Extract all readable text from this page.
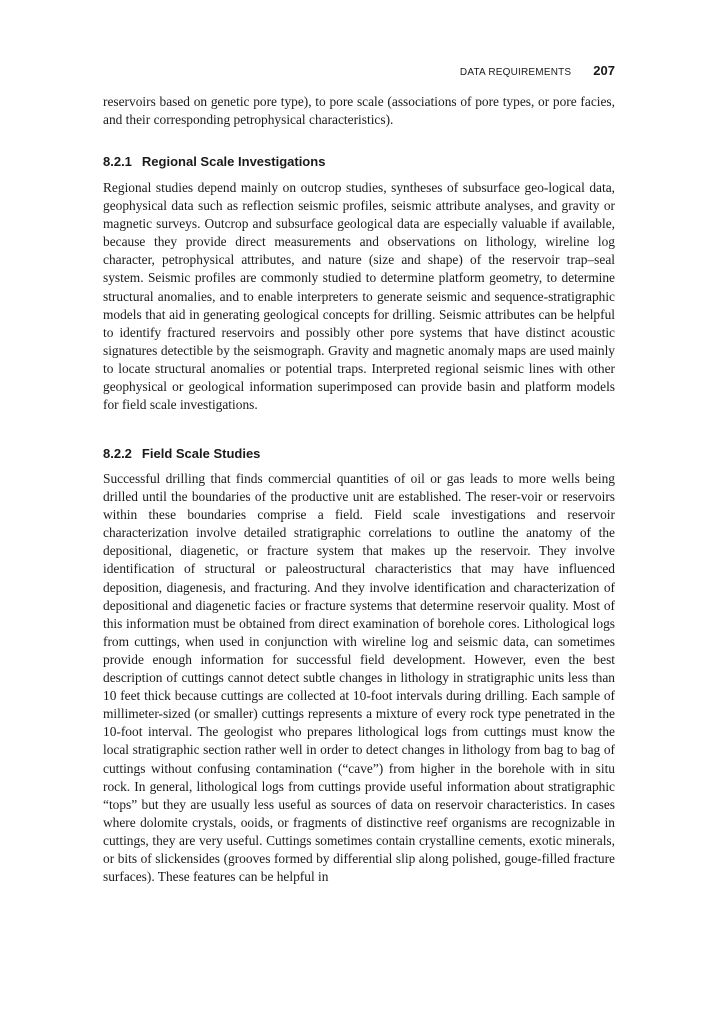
DATA REQUIREMENTS 207

reservoirs based on genetic pore type), to pore scale (associations of pore types, or pore facies, and their corresponding petrophysical characteristics).

8.2.1 Regional Scale Investigations

Regional studies depend mainly on outcrop studies, syntheses of subsurface geo-logical data, geophysical data such as reflection seismic profiles, seismic attribute analyses, and gravity or magnetic surveys. Outcrop and subsurface geological data are especially valuable if available, because they provide direct measurements and observations on lithology, wireline log character, petrophysical attributes, and nature (size and shape) of the reservoir trap–seal system. Seismic profiles are commonly studied to determine platform geometry, to determine structural anomalies, and to enable interpreters to generate seismic and sequence-stratigraphic models that aid in generating geological concepts for drilling. Seismic attributes can be helpful to identify fractured reservoirs and possibly other pore systems that have distinct acoustic signatures detectible by the seismograph. Gravity and magnetic anomaly maps are used mainly to locate structural anomalies or potential traps. Interpreted regional seismic lines with other geophysical or geological information superimposed can provide basin and platform models for field scale investigations.

8.2.2 Field Scale Studies

Successful drilling that finds commercial quantities of oil or gas leads to more wells being drilled until the boundaries of the productive unit are established. The reser-voir or reservoirs within these boundaries comprise a field. Field scale investigations and reservoir characterization involve detailed stratigraphic correlations to outline the anatomy of the depositional, diagenetic, or fracture system that makes up the reservoir. They involve identification of structural or paleostructural characteristics that may have influenced deposition, diagenesis, and fracturing. And they involve identification and characterization of depositional and diagenetic facies or fracture systems that determine reservoir quality. Most of this information must be obtained from direct examination of borehole cores. Lithological logs from cuttings, when used in conjunction with wireline log and seismic data, can sometimes provide enough information for successful field development. However, even the best description of cuttings cannot detect subtle changes in lithology in stratigraphic units less than 10 feet thick because cuttings are collected at 10-foot intervals during drilling. Each sample of millimeter-sized (or smaller) cuttings represents a mixture of every rock type penetrated in the 10-foot interval. The geologist who prepares lithological logs from cuttings must know the local stratigraphic section rather well in order to detect changes in lithology from bag to bag of cuttings without confusing contamination (“cave”) from higher in the borehole with in situ rock. In general, lithological logs from cuttings provide useful information about stratigraphic “tops” but they are usually less useful as sources of data on reservoir characteristics. In cases where dolomite crystals, ooids, or fragments of distinctive reef organisms are recognizable in cuttings, they are very useful. Cuttings sometimes contain crystalline cements, exotic minerals, or bits of slickensides (grooves formed by differential slip along polished, gouge-filled fracture surfaces). These features can be helpful in
